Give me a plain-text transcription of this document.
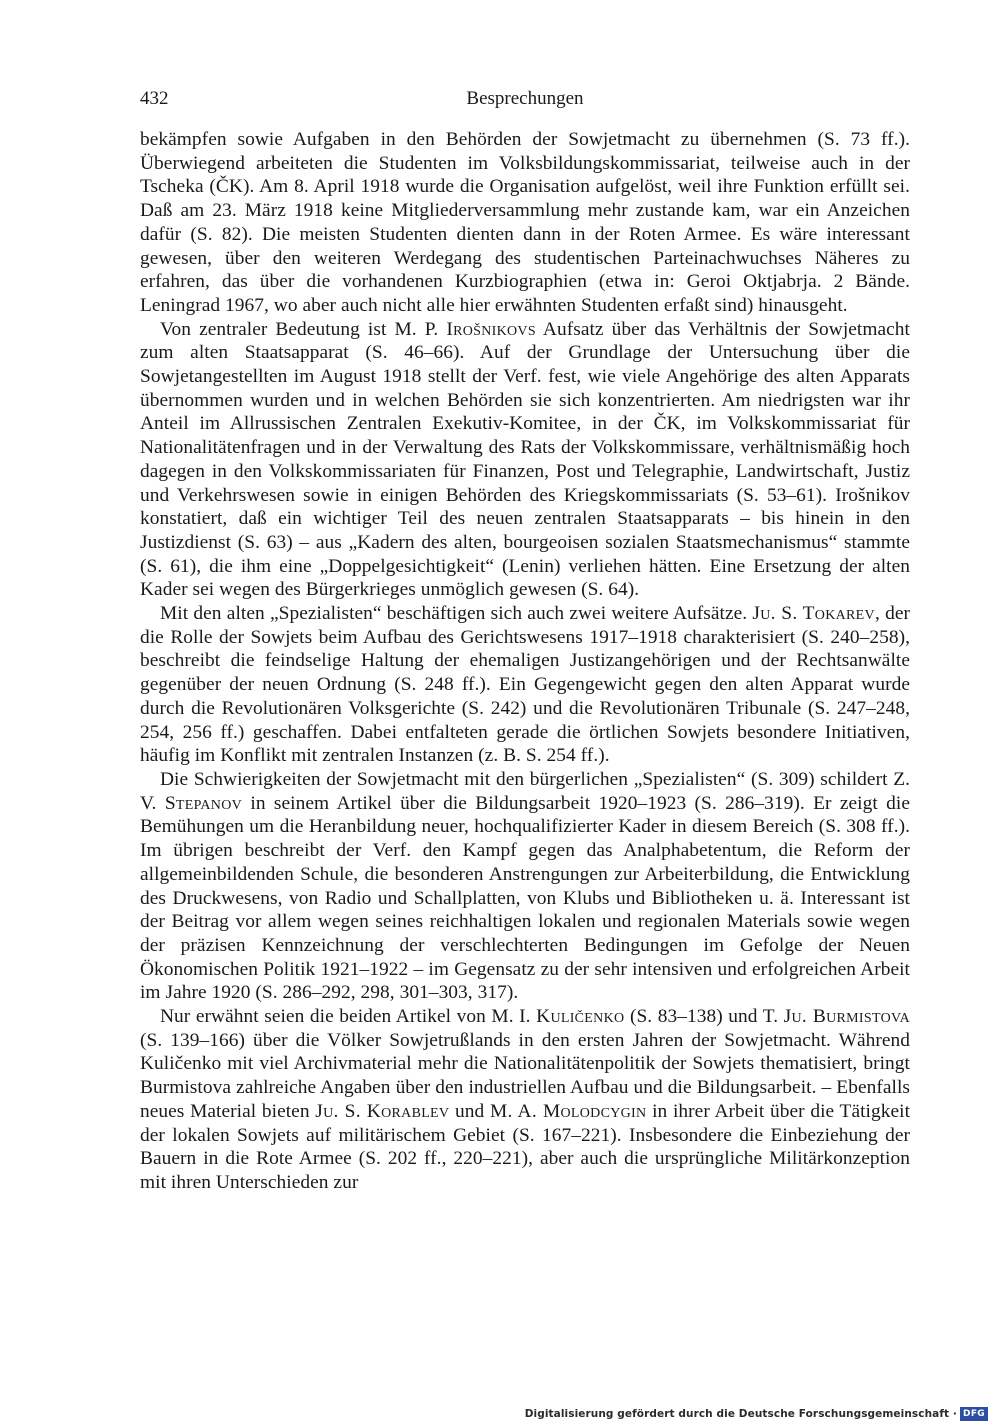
432	Besprechungen

bekämpfen sowie Aufgaben in den Behörden der Sowjetmacht zu übernehmen (S. 73 ff.). Überwiegend arbeiteten die Studenten im Volksbildungskommissariat, teilweise auch in der Tscheka (ČK). Am 8. April 1918 wurde die Organisation aufgelöst, weil ihre Funktion erfüllt sei. Daß am 23. März 1918 keine Mitgliederversammlung mehr zustande kam, war ein Anzeichen dafür (S. 82). Die meisten Studenten dienten dann in der Roten Armee. Es wäre interessant gewesen, über den weiteren Werdegang des studentischen Parteinachwuchses Näheres zu erfahren, das über die vorhandenen Kurzbiographien (etwa in: Geroi Oktjabrja. 2 Bände. Leningrad 1967, wo aber auch nicht alle hier erwähnten Studenten erfaßt sind) hinausgeht.

Von zentraler Bedeutung ist M. P. Irošnikovs Aufsatz über das Verhältnis der Sowjetmacht zum alten Staatsapparat (S. 46–66). Auf der Grundlage der Untersuchung über die Sowjetangestellten im August 1918 stellt der Verf. fest, wie viele Angehörige des alten Apparats übernommen wurden und in welchen Behörden sie sich konzentrierten. Am niedrigsten war ihr Anteil im Allrussischen Zentralen Exekutiv-Komitee, in der ČK, im Volkskommissariat für Nationalitätenfragen und in der Verwaltung des Rats der Volkskommissare, verhältnismäßig hoch dagegen in den Volkskommissariaten für Finanzen, Post und Telegraphie, Landwirtschaft, Justiz und Verkehrswesen sowie in einigen Behörden des Kriegskommissariats (S. 53–61). Irošnikov konstatiert, daß ein wichtiger Teil des neuen zentralen Staatsapparats – bis hinein in den Justizdienst (S. 63) – aus „Kadern des alten, bourgeoisen sozialen Staatsmechanismus“ stammte (S. 61), die ihm eine „Doppelgesichtigkeit“ (Lenin) verliehen hätten. Eine Ersetzung der alten Kader sei wegen des Bürgerkrieges unmöglich gewesen (S. 64).

Mit den alten „Spezialisten“ beschäftigen sich auch zwei weitere Aufsätze. Ju. S. Tokarev, der die Rolle der Sowjets beim Aufbau des Gerichtswesens 1917–1918 charakterisiert (S. 240–258), beschreibt die feindselige Haltung der ehemaligen Justizangehörigen und der Rechtsanwälte gegenüber der neuen Ordnung (S. 248 ff.). Ein Gegengewicht gegen den alten Apparat wurde durch die Revolutionären Volksgerichte (S. 242) und die Revolutionären Tribunale (S. 247–248, 254, 256 ff.) geschaffen. Dabei entfalteten gerade die örtlichen Sowjets besondere Initiativen, häufig im Konflikt mit zentralen Instanzen (z. B. S. 254 ff.).

Die Schwierigkeiten der Sowjetmacht mit den bürgerlichen „Spezialisten“ (S. 309) schildert Z. V. Stepanov in seinem Artikel über die Bildungsarbeit 1920–1923 (S. 286–319). Er zeigt die Bemühungen um die Heranbildung neuer, hochqualifizierter Kader in diesem Bereich (S. 308 ff.). Im übrigen beschreibt der Verf. den Kampf gegen das Analphabetentum, die Reform der allgemeinbildenden Schule, die besonderen Anstrengungen zur Arbeiterbildung, die Entwicklung des Druckwesens, von Radio und Schallplatten, von Klubs und Bibliotheken u. ä. Interessant ist der Beitrag vor allem wegen seines reichhaltigen lokalen und regionalen Materials sowie wegen der präzisen Kennzeichnung der verschlechterten Bedingungen im Gefolge der Neuen Ökonomischen Politik 1921–1922 – im Gegensatz zu der sehr intensiven und erfolgreichen Arbeit im Jahre 1920 (S. 286–292, 298, 301–303, 317).

Nur erwähnt seien die beiden Artikel von M. I. Kuličenko (S. 83–138) und T. Ju. Burmistova (S. 139–166) über die Völker Sowjetrußlands in den ersten Jahren der Sowjetmacht. Während Kuličenko mit viel Archivmaterial mehr die Nationalitätenpolitik der Sowjets thematisiert, bringt Burmistova zahlreiche Angaben über den industriellen Aufbau und die Bildungsarbeit. – Ebenfalls neues Material bieten Ju. S. Korablev und M. A. Molodcygin in ihrer Arbeit über die Tätigkeit der lokalen Sowjets auf militärischem Gebiet (S. 167–221). Insbesondere die Einbeziehung der Bauern in die Rote Armee (S. 202 ff., 220–221), aber auch die ursprüngliche Militärkonzeption mit ihren Unterschieden zur

Digitalisierung gefördert durch die Deutsche Forschungsgemeinschaft · DFG
